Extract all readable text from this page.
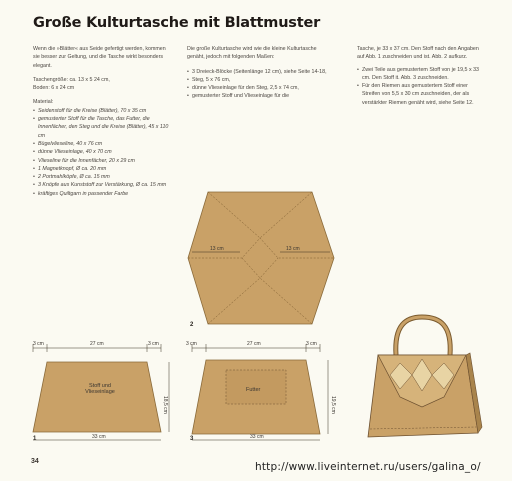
Große Kulturtasche mit Blattmuster

Wenn die »Blätter« aus Seide gefertigt werden, kommen sie besser zur Geltung, und die Tasche wirkt besonders elegant.

Taschengröße: ca. 13 x 5 24 cm,
Boden: 6 x 24 cm

Material:

• Seidenstoff für die Kreise (Blätter), 70 x 35 cm
• gemusterter Stoff für die Tasche, das Futter, die Innenfächer, den Steg und die Kreise (Blätter), 45 x 110 cm
• Bügelvlieseline, 40 x 76 cm
• dünne Vlieseinlage, 40 x 70 cm
• Vlieseline für die Innenfächer, 20 x 29 cm
• 1 Magnetknopf, Ø ca. 20 mm
• 2 Portmahlköpfe, Ø ca. 15 mm
• 3 Knöpfe aus Kunststoff zur Verstärkung, Ø ca. 15 mm
• kräftiges Quiltgarn in passender Farbe

Die große Kulturtasche wird wie die kleine Kulturtasche genäht, jedoch mit folgenden Maßen:

• 3 Dreieck-Blöcke (Seitenlänge 12 cm), siehe Seite 14-18,
• Steg, 5 x 76 cm,
• dünne Vlieseinlage für den Steg, 2,5 x 74 cm,
• gemusterter Stoff und Vlieseinlage für die

Tasche, je 33 x 37 cm. Den Stoff nach den Angaben auf Abb. 1 zuschneiden und ist. Abb. 2 aufkurz.

• Zwei Teile aus gemustertem Stoff von je 19,5 x 33 cm. Den Stoff it. Abb. 3 zuschneiden.
• Für den Riemen aus gemustertem Stoff einer Streifen von 5,5 x 30 cm zuschneiden, der als verstärkter Riemen genäht wird, siehe Seite 12.
13 cm	13 cm
2
3 cm	27 cm	3 cm
Stoff und
Vlieseinlage
18,5 cm
33 cm
1
3 cm	27 cm	3 cm
Futter
19,5 cm
33 cm
3
34	http://www.liveinternet.ru/users/galina_o/
